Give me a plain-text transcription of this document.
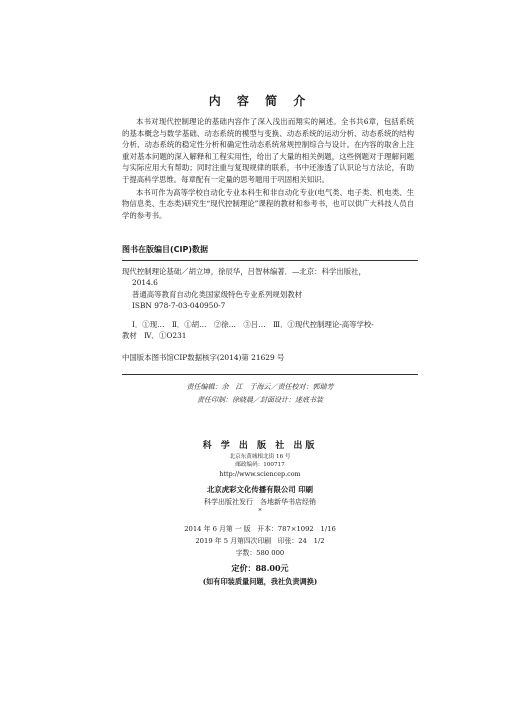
内 容 简 介

本书对现代控制理论的基础内容作了深入浅出而翔实的阐述。全书共6章，包括系统的基本概念与数学基础、动态系统的模型与变换、动态系统的运动分析、动态系统的结构分析、动态系统的稳定性分析和确定性动态系统常规控制综合与设计。在内容的取舍上注重对基本问题的深入解释和工程实用性，给出了大量的相关例题，这些例题对于理解问题与实际应用大有帮助；同时注重与复现规律的联系，书中还渗透了认识论与方法论，有助于提高科学思维。每章配有一定量的思考题用于巩固相关知识。

本书可作为高等学校自动化专业本科生和非自动化专业(电气类、电子类、机电类、生物信息类、生态类)研究生“现代控制理论”课程的教材和参考书，也可以供广大科技人员自学的参考书。

图书在版编目(CIP)数据
现代控制理论基础／胡立坤，徐辰华，吕智林编著．—北京：科学出版社，
2014.6
普通高等教育自动化类国家级特色专业系列规划教材
ISBN 978-7-03-040950-7
Ⅰ．①现…　Ⅱ．①胡…　②徐…　③吕…　Ⅲ．①现代控制理论-高等学校-
教材　Ⅳ．①O231
中国版本图书馆CIP数据核字(2014)第 21629 号
责任编辑：余　江　于海云／责任校对：郭瑞芳
责任印制：徐晓晨／封面设计：迷底书装
科 学 出 版 社 出版
北京东黄城根北街 16 号
邮政编码：100717
http://www.sciencep.com
北京虎彩文化传播有限公司 印刷
科学出版社发行　各地新华书店经销
*
2014 年 6 月第 一 版　开本：787×1092　1/16
2019 年 5 月第四次印刷　印张：24　1/2
字数：580 000
定价：88.00元
(如有印装质量问题，我社负责调换)
